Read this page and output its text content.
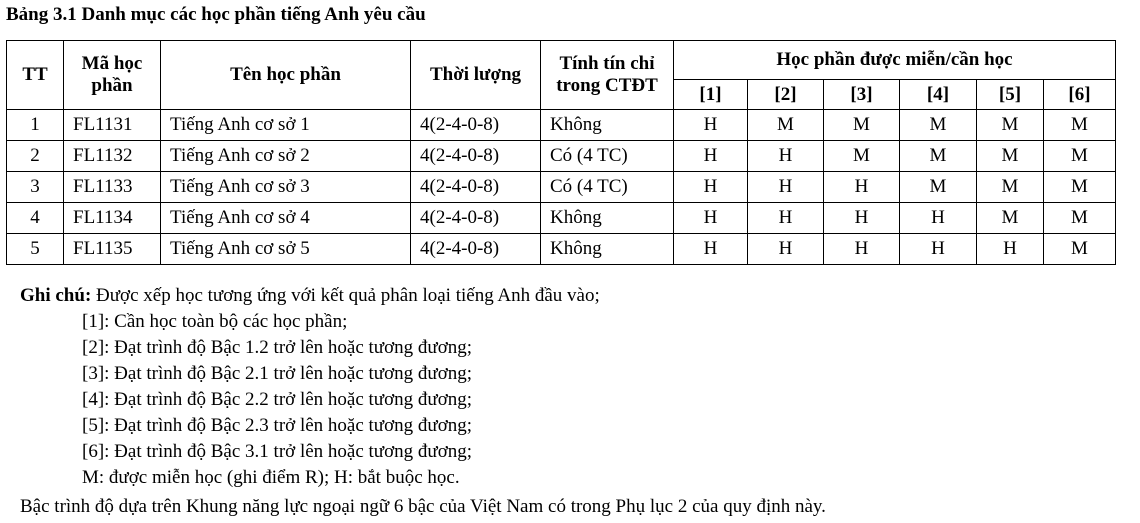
Bảng 3.1 Danh mục các học phần tiếng Anh yêu cầu
TT	Mã học phần	Tên học phần	Thời lượng	Tính tín chỉ trong CTĐT	Học phần được miễn/cần học					
					[1]	[2]	[3]	[4]	[5]	[6]
1	FL1131	Tiếng Anh cơ sở 1	4(2-4-0-8)	Không	H	M	M	M	M	M
2	FL1132	Tiếng Anh cơ sở 2	4(2-4-0-8)	Có (4 TC)	H	H	M	M	M	M
3	FL1133	Tiếng Anh cơ sở 3	4(2-4-0-8)	Có (4 TC)	H	H	H	M	M	M
4	FL1134	Tiếng Anh cơ sở 4	4(2-4-0-8)	Không	H	H	H	H	M	M
5	FL1135	Tiếng Anh cơ sở 5	4(2-4-0-8)	Không	H	H	H	H	H	M
Ghi chú: Được xếp học tương ứng với kết quả phân loại tiếng Anh đầu vào;
[1]: Cần học toàn bộ các học phần;
[2]: Đạt trình độ Bậc 1.2 trở lên hoặc tương đương;
[3]: Đạt trình độ Bậc 2.1 trở lên hoặc tương đương;
[4]: Đạt trình độ Bậc 2.2 trở lên hoặc tương đương;
[5]: Đạt trình độ Bậc 2.3 trở lên hoặc tương đương;
[6]: Đạt trình độ Bậc 3.1 trở lên hoặc tương đương;
M: được miễn học (ghi điểm R); H: bắt buộc học.
Bậc trình độ dựa trên Khung năng lực ngoại ngữ 6 bậc của Việt Nam có trong Phụ lục 2 của quy định này.
